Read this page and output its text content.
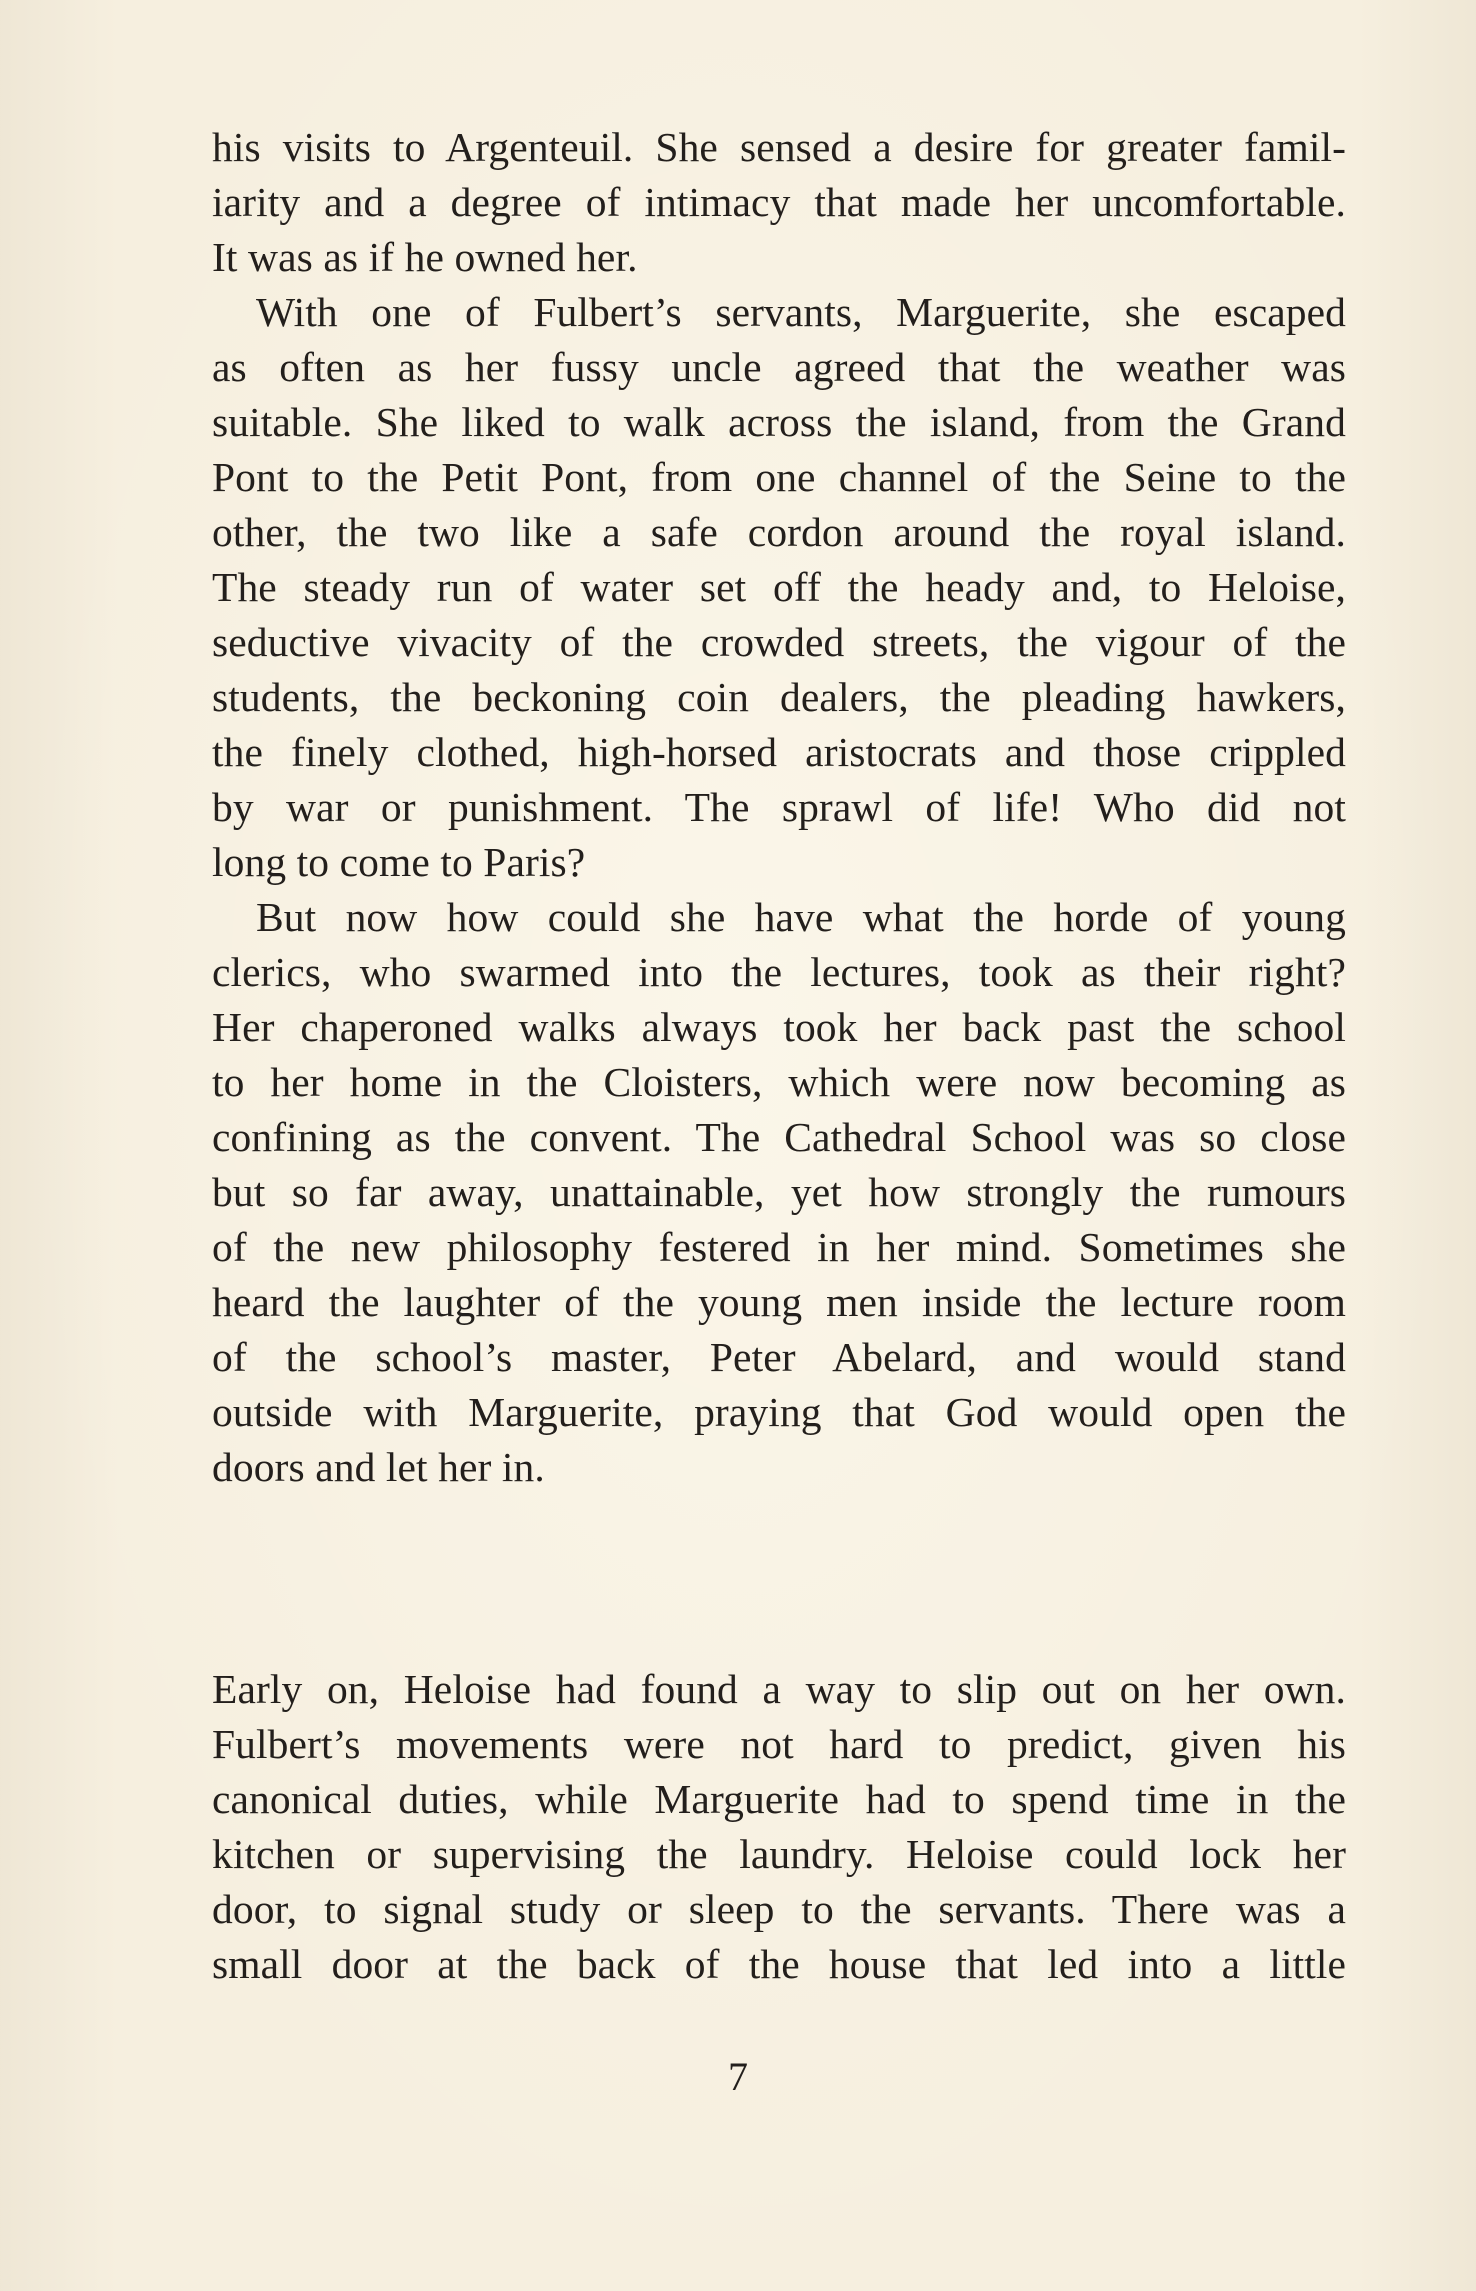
his visits to Argenteuil. She sensed a desire for greater famil-
iarity and a degree of intimacy that made her uncomfortable.
It was as if he owned her.
With one of Fulbert’s servants, Marguerite, she escaped
as often as her fussy uncle agreed that the weather was
suitable. She liked to walk across the island, from the Grand
Pont to the Petit Pont, from one channel of the Seine to the
other, the two like a safe cordon around the royal island.
The steady run of water set off the heady and, to Heloise,
seductive vivacity of the crowded streets, the vigour of the
students, the beckoning coin dealers, the pleading hawkers,
the finely clothed, high-horsed aristocrats and those crippled
by war or punishment. The sprawl of life! Who did not
long to come to Paris?
But now how could she have what the horde of young
clerics, who swarmed into the lectures, took as their right?
Her chaperoned walks always took her back past the school
to her home in the Cloisters, which were now becoming as
confining as the convent. The Cathedral School was so close
but so far away, unattainable, yet how strongly the rumours
of the new philosophy festered in her mind. Sometimes she
heard the laughter of the young men inside the lecture room
of the school’s master, Peter Abelard, and would stand
outside with Marguerite, praying that God would open the
doors and let her in.
Early on, Heloise had found a way to slip out on her own.
Fulbert’s movements were not hard to predict, given his
canonical duties, while Marguerite had to spend time in the
kitchen or supervising the laundry. Heloise could lock her
door, to signal study or sleep to the servants. There was a
small door at the back of the house that led into a little
7
